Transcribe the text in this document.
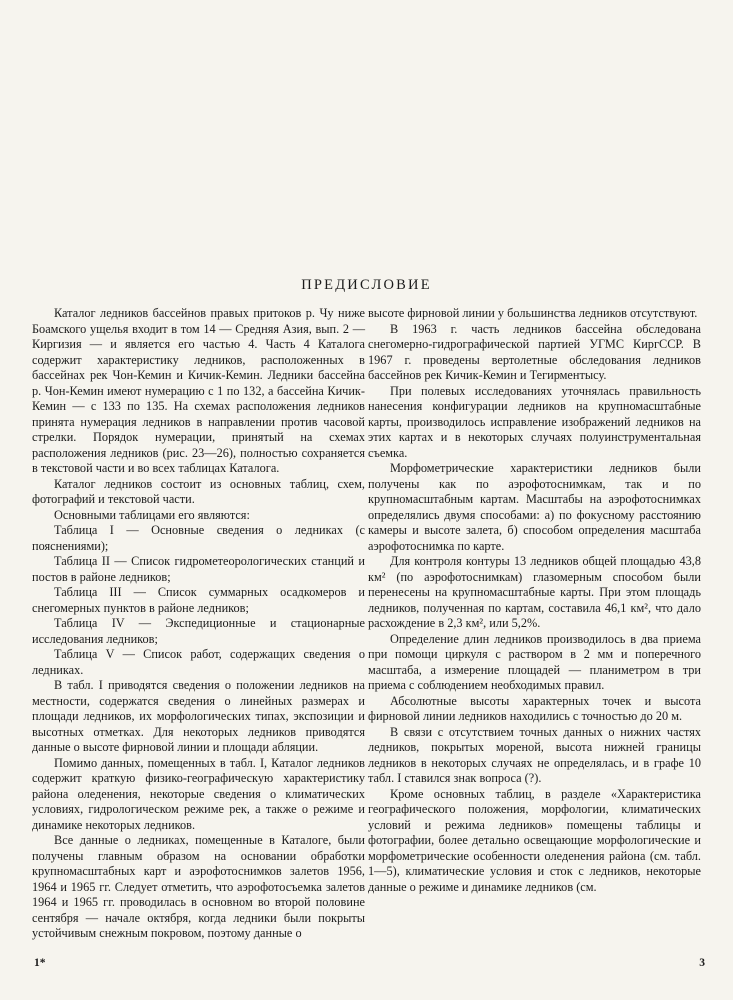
ПРЕДИСЛОВИЕ

Каталог ледников бассейнов правых притоков р. Чу ниже Боамского ущелья входит в том 14 — Средняя Азия, вып. 2 — Киргизия — и является его частью 4. Часть 4 Каталога содержит характеристику ледников, расположенных в бассейнах рек Чон-Кемин и Кичик-Кемин. Ледники бассейна р. Чон-Кемин имеют нумерацию с 1 по 132, а бассейна Кичик-Кемин — с 133 по 135. На схемах расположения ледников принята нумерация ледников в направлении против часовой стрелки. Порядок нумерации, принятый на схемах расположения ледников (рис. 23—26), полностью сохраняется в текстовой части и во всех таблицах Каталога.

Каталог ледников состоит из основных таблиц, схем, фотографий и текстовой части.

Основными таблицами его являются:

Таблица I — Основные сведения о ледниках (с пояснениями);

Таблица II — Список гидрометеорологических станций и постов в районе ледников;

Таблица III — Список суммарных осадкомеров и снегомерных пунктов в районе ледников;

Таблица IV — Экспедиционные и стационарные исследования ледников;

Таблица V — Список работ, содержащих сведения о ледниках.

В табл. I приводятся сведения о положении ледников на местности, содержатся сведения о линейных размерах и площади ледников, их морфологических типах, экспозиции и высотных отметках. Для некоторых ледников приводятся данные о высоте фирновой линии и площади абляции.

Помимо данных, помещенных в табл. I, Каталог ледников содержит краткую физико-географическую характеристику района оледенения, некоторые сведения о климатических условиях, гидрологическом режиме рек, а также о режиме и динамике некоторых ледников.

Все данные о ледниках, помещенные в Каталоге, были получены главным образом на основании обработки крупномасштабных карт и аэрофотоснимков залетов 1956, 1964 и 1965 гг. Следует отметить, что аэрофотосъемка залетов 1964 и 1965 гг. проводилась в основном во второй половине сентября — начале октября, когда ледники были покрыты устойчивым снежным покровом, поэтому данные о

высоте фирновой линии у большинства ледников отсутствуют.

В 1963 г. часть ледников бассейна обследована снегомерно-гидрографической партией УГМС КиргССР. В 1967 г. проведены вертолетные обследования ледников бассейнов рек Кичик-Кемин и Тегирментысу.

При полевых исследованиях уточнялась правильность нанесения конфигурации ледников на крупномасштабные карты, производилось исправление изображений ледников на этих картах и в некоторых случаях полуинструментальная съемка.

Морфометрические характеристики ледников были получены как по аэрофотоснимкам, так и по крупномасштабным картам. Масштабы на аэрофотоснимках определялись двумя способами: а) по фокусному расстоянию камеры и высоте залета, б) способом определения масштаба аэрофотоснимка по карте.

Для контроля контуры 13 ледников общей площадью 43,8 км² (по аэрофотоснимкам) глазомерным способом были перенесены на крупномасштабные карты. При этом площадь ледников, полученная по картам, составила 46,1 км², что дало расхождение в 2,3 км², или 5,2%.

Определение длин ледников производилось в два приема при помощи циркуля с раствором в 2 мм и поперечного масштаба, а измерение площадей — планиметром в три приема с соблюдением необходимых правил.

Абсолютные высоты характерных точек и высота фирновой линии ледников находились с точностью до 20 м.

В связи с отсутствием точных данных о нижних частях ледников, покрытых мореной, высота нижней границы ледников в некоторых случаях не определялась, и в графе 10 табл. I ставился знак вопроса (?).

Кроме основных таблиц, в разделе «Характеристика географического положения, морфологии, климатических условий и режима ледников» помещены таблицы и фотографии, более детально освещающие морфологические и морфометрические особенности оледенения района (см. табл. 1—5), климатические условия и сток с ледников, некоторые данные о режиме и динамике ледников (см.

1*	3
